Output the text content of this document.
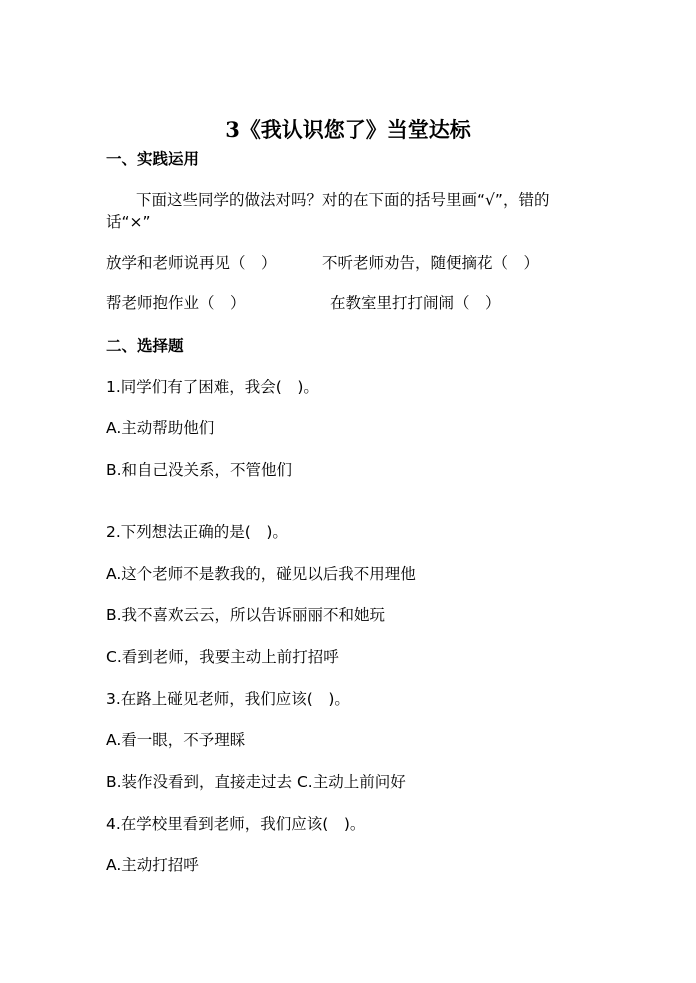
3《我认识您了》当堂达标
一、实践运用
下面这些同学的做法对吗？对的在下面的括号里画“√”，错的
话“×”
放学和老师说再见（　）	不听老师劝告，随便摘花（　）
帮老师抱作业（　）	在教室里打打闹闹（　）
二、选择题
1.同学们有了困难，我会(　)。
A.主动帮助他们
B.和自己没关系，不管他们
2.下列想法正确的是(　)。
A.这个老师不是教我的，碰见以后我不用理他
B.我不喜欢云云，所以告诉丽丽不和她玩
C.看到老师，我要主动上前打招呼
3.在路上碰见老师，我们应该(　)。
A.看一眼，不予理睬
B.装作没看到，直接走过去 C.主动上前问好
4.在学校里看到老师，我们应该(　)。
A.主动打招呼
